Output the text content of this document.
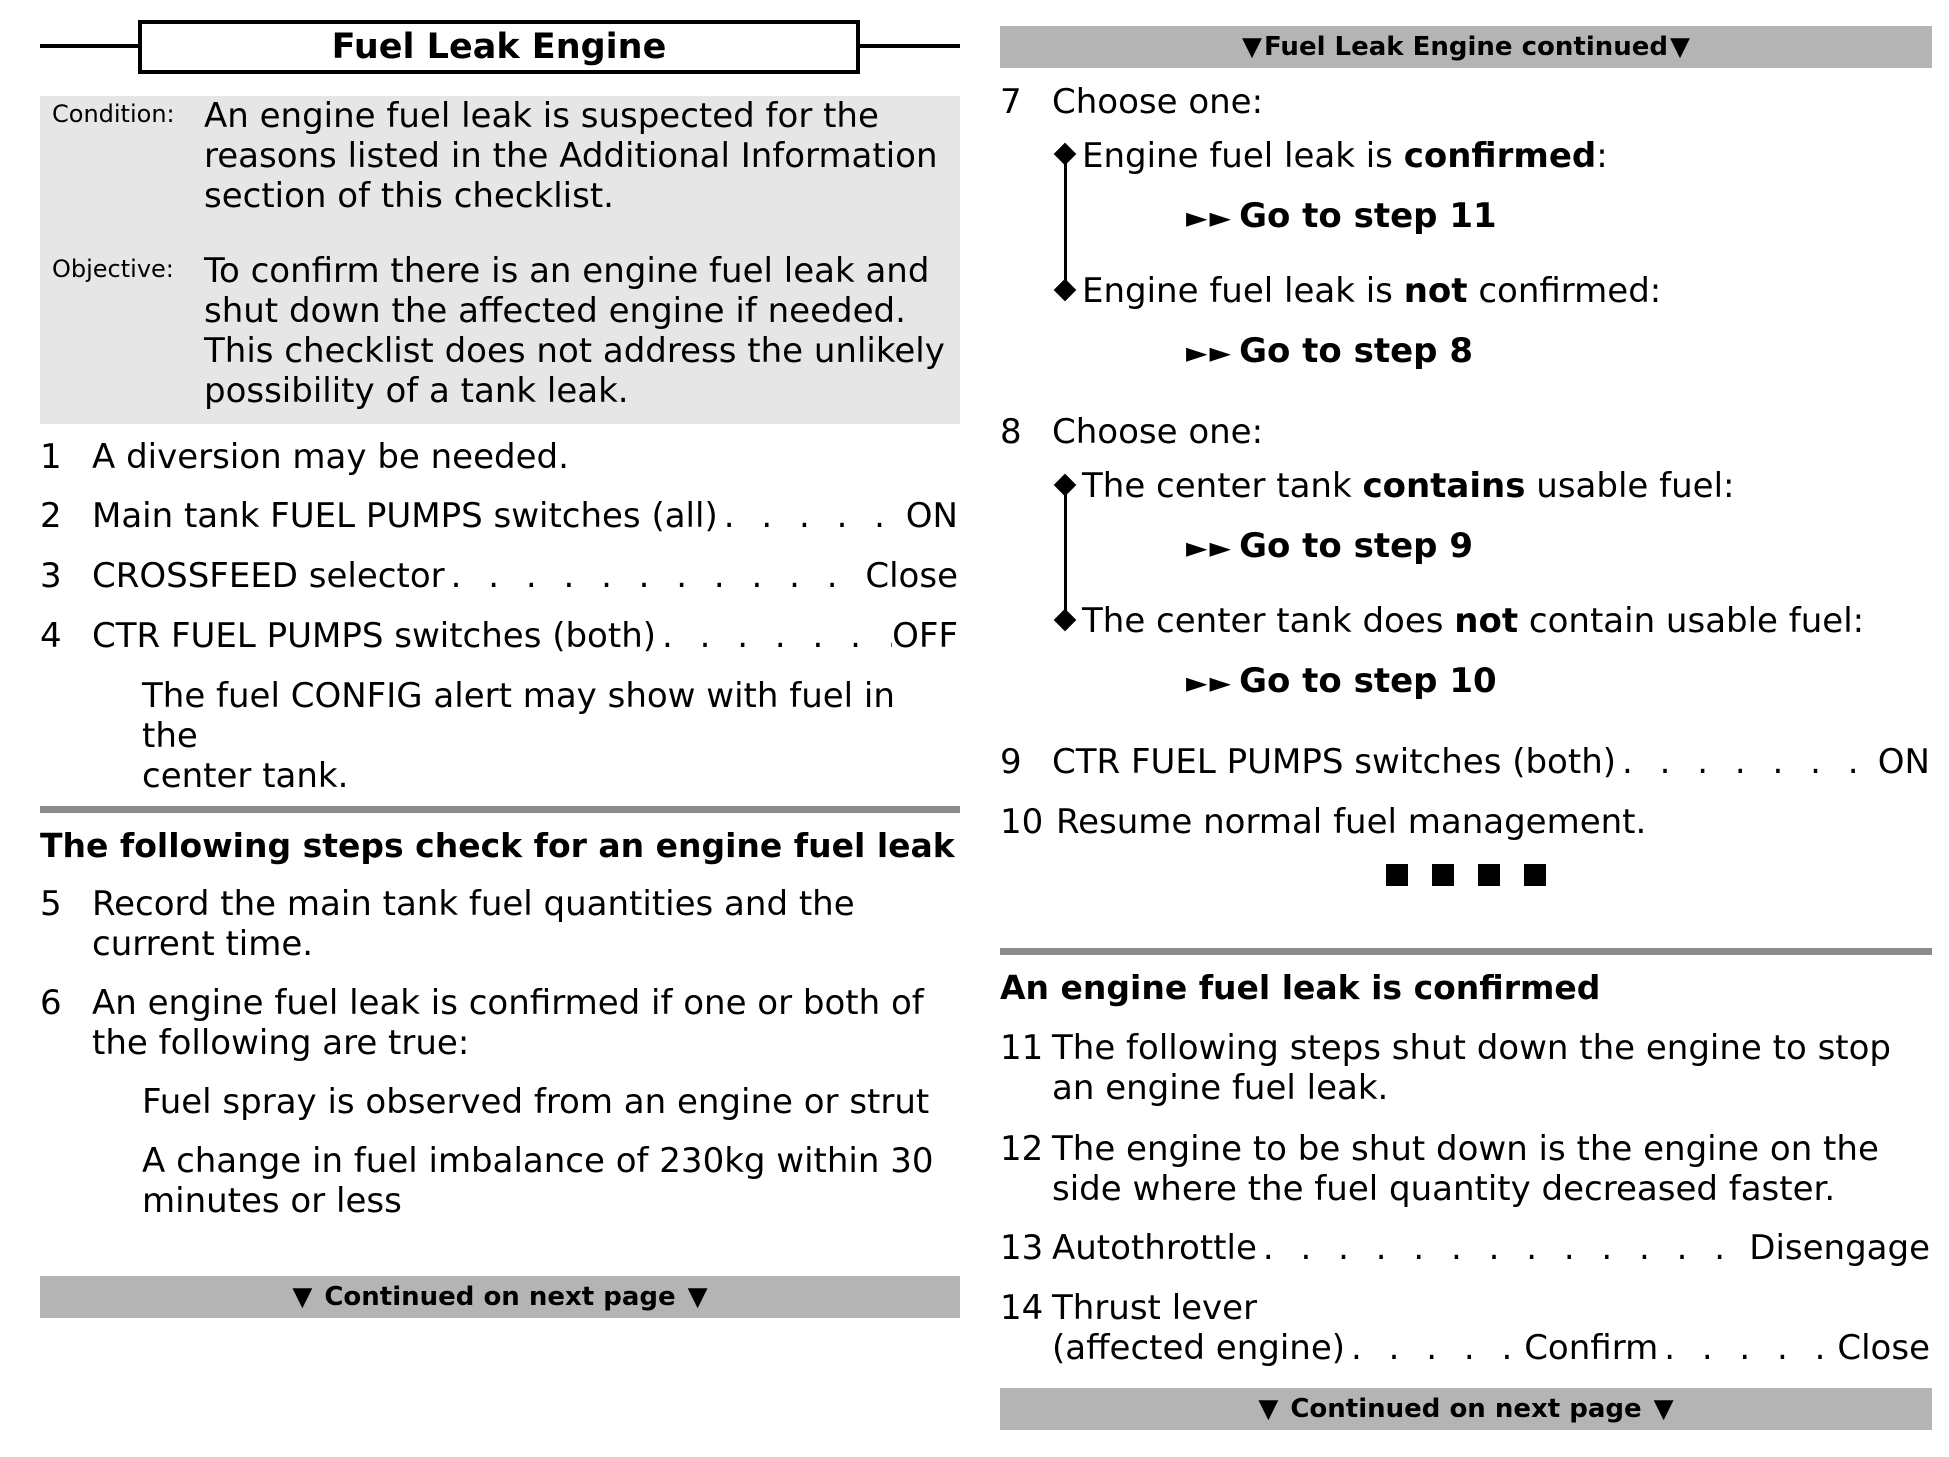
Fuel Leak Engine
Condition: An engine fuel leak is suspected for the
reasons listed in the Additional Information
section of this checklist.
Objective: To confirm there is an engine fuel leak and
shut down the affected engine if needed.
This checklist does not address the unlikely
possibility of a tank leak.
1 A diversion may be needed.
2 Main tank FUEL PUMPS switches (all) . . .	ON
3 CROSSFEED selector . . .	Close
4 CTR FUEL PUMPS switches (both) . . .	OFF
The fuel CONFIG alert may show with fuel in the
center tank.
The following steps check for an engine fuel leak
5 Record the main tank fuel quantities and the
current time.
6 An engine fuel leak is confirmed if one or both of
the following are true:
Fuel spray is observed from an engine or strut
A change in fuel imbalance of 230kg within 30
minutes or less
▼ Continued on next page ▼
▼ Fuel Leak Engine continued ▼
7 Choose one:
Engine fuel leak is confirmed:
►► Go to step 11
Engine fuel leak is not confirmed:
►► Go to step 8
8 Choose one:
The center tank contains usable fuel:
►► Go to step 9
The center tank does not contain usable fuel:
►► Go to step 10
9 CTR FUEL PUMPS switches (both) . . .	ON
10 Resume normal fuel management.
An engine fuel leak is confirmed
11 The following steps shut down the engine to stop
an engine fuel leak.
12 The engine to be shut down is the engine on the
side where the fuel quantity decreased faster.
13 Autothrottle . . .	Disengage
14 Thrust lever
(affected engine) . . .	Confirm . . .	Close
▼ Continued on next page ▼
